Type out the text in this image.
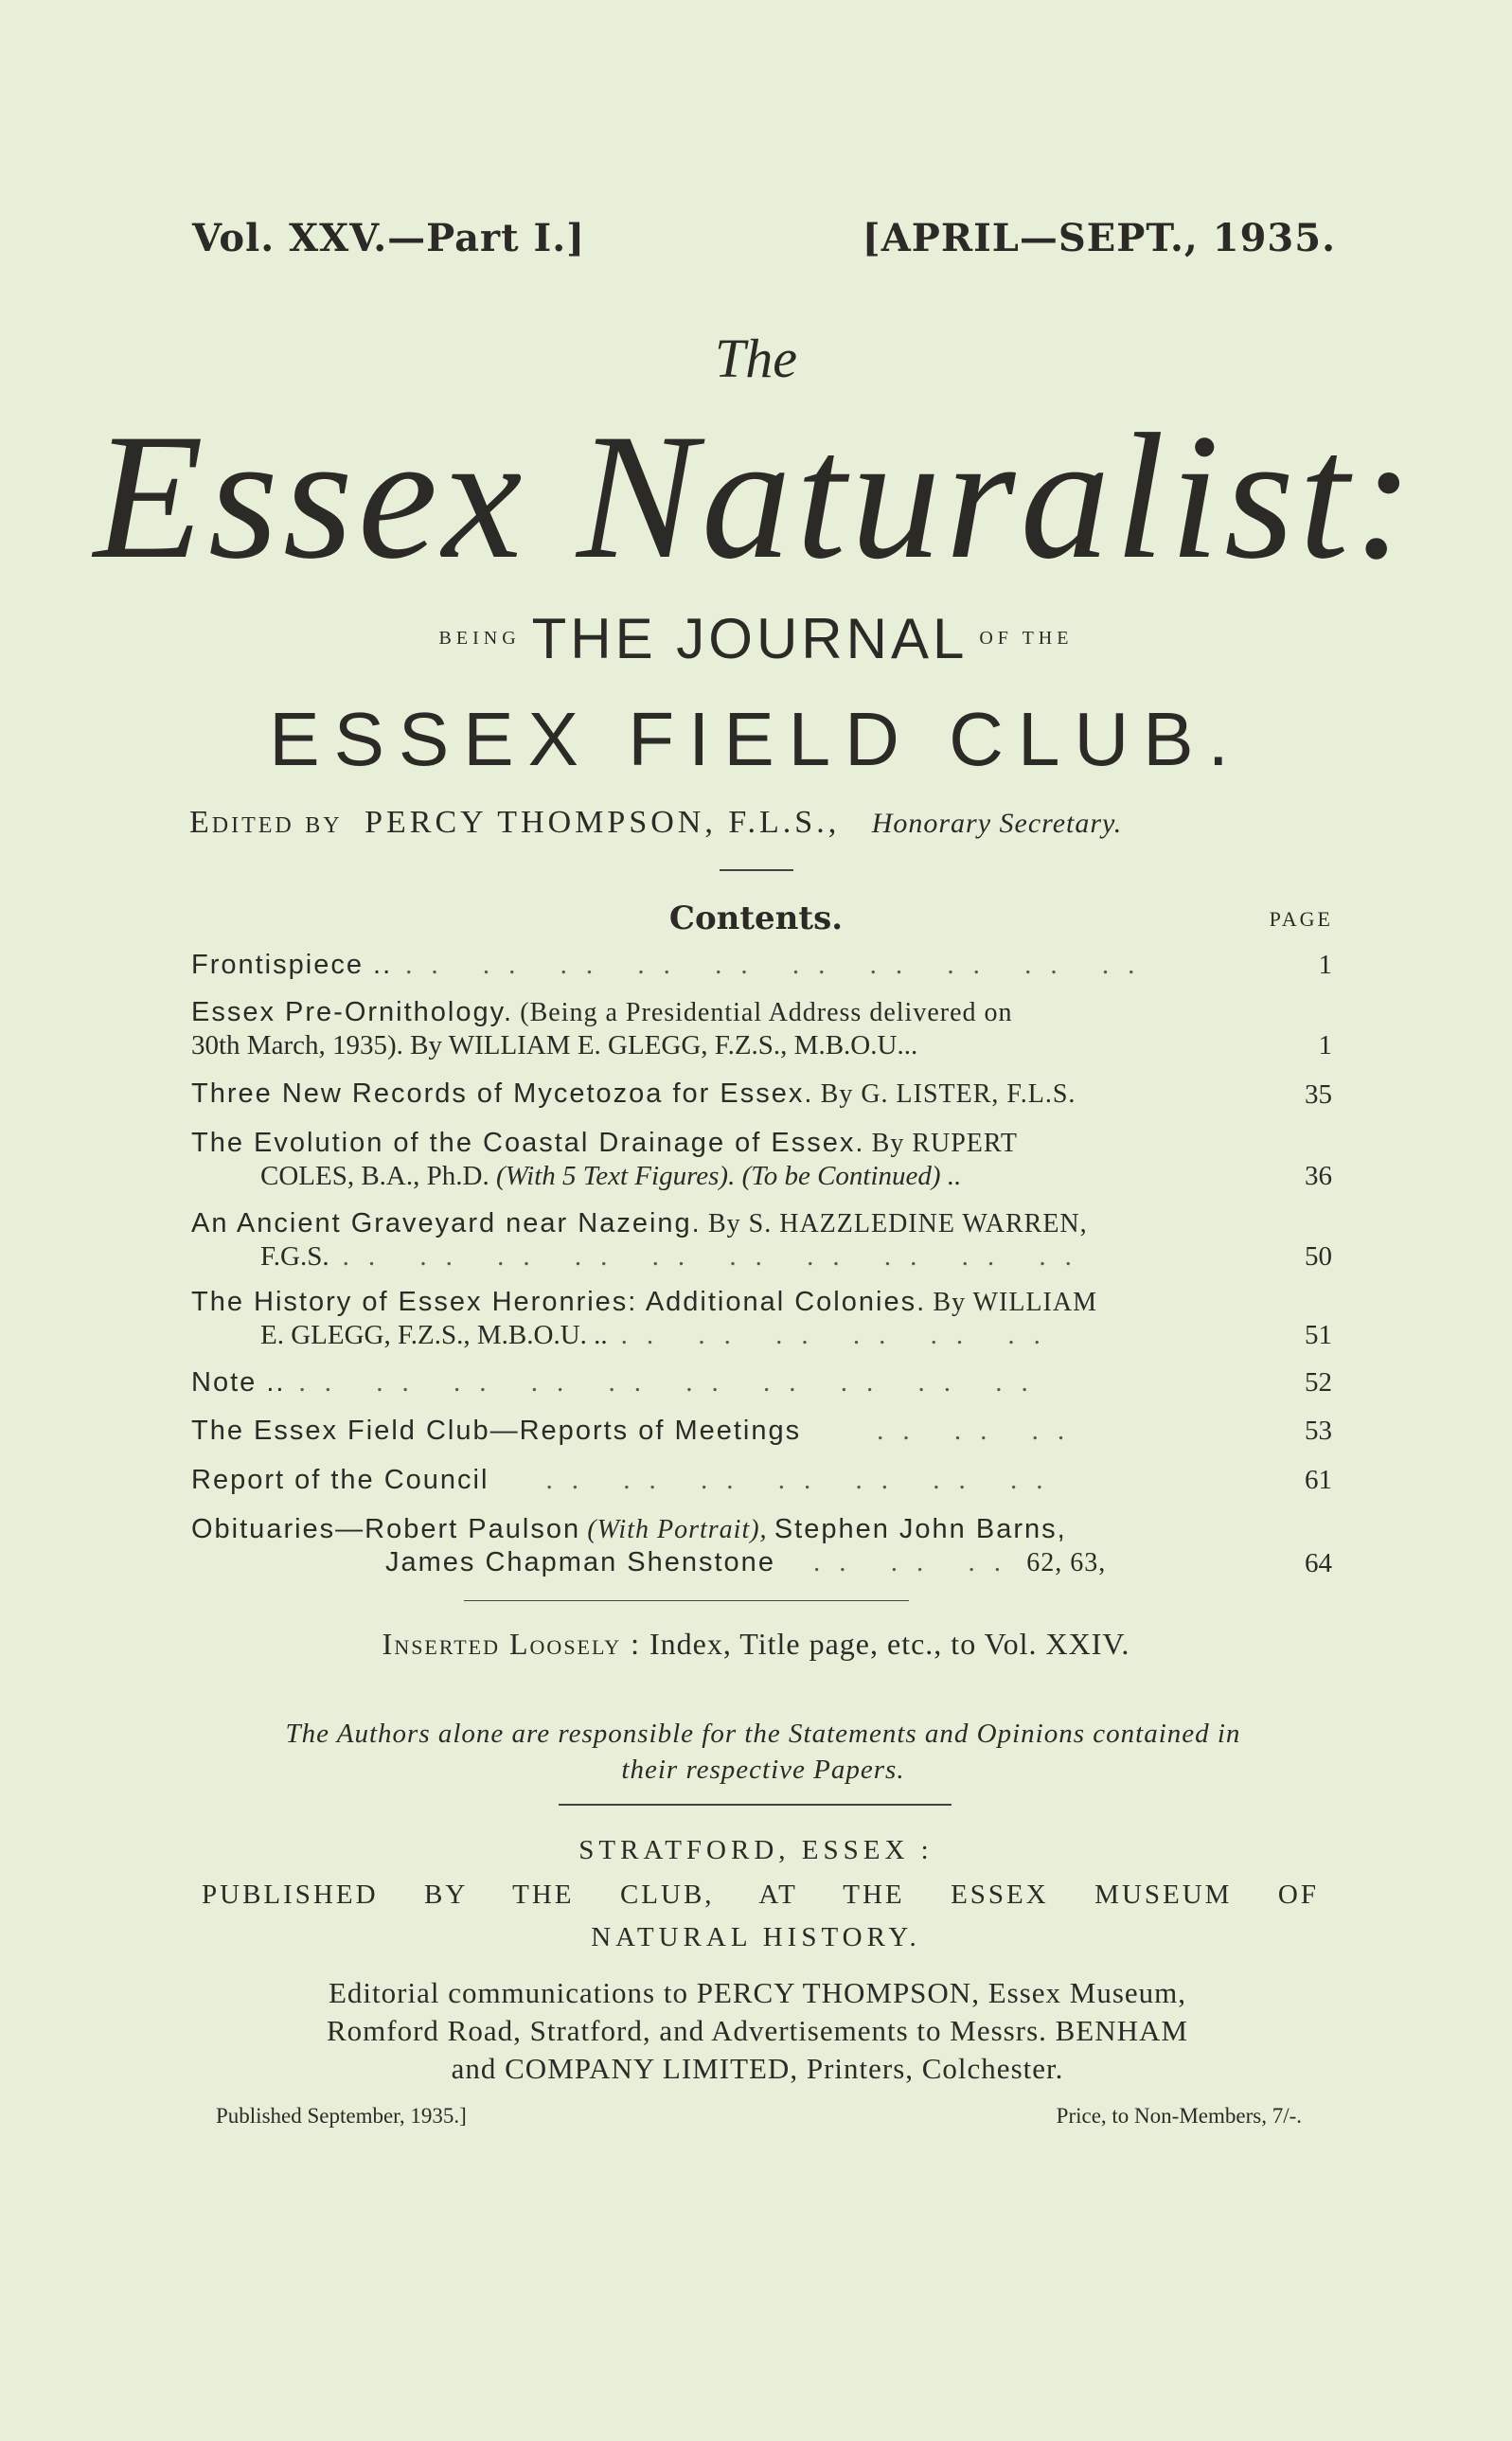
Vol. XXV.—Part I.]	[APRIL—SEPT., 1935.
The
Essex Naturalist:
BEING THE JOURNAL OF THE
ESSEX FIELD CLUB.
Edited by PERCY THOMPSON, F.L.S., Honorary Secretary.
Contents.	PAGE
Frontispiece .. .. .. .. .. .. .. .. .. .. ..	1
Essex Pre-Ornithology. (Being a Presidential Address delivered on
30th March, 1935). By WILLIAM E. GLEGG, F.Z.S., M.B.O.U...	1
Three New Records of Mycetozoa for Essex. By G. LISTER, F.L.S.	35
The Evolution of the Coastal Drainage of Essex. By RUPERT
COLES, B.A., Ph.D. (With 5 Text Figures). (To be Continued) ..	36
An Ancient Graveyard near Nazeing. By S. HAZZLEDINE WARREN,
F.G.S. .. .. .. .. .. .. .. .. .. ..	50
The History of Essex Heronries: Additional Colonies. By WILLIAM
E. GLEGG, F.Z.S., M.B.O.U. .. .. .. .. .. .. ..	51
Note .. .. .. .. .. .. .. .. .. .. ..	52
The Essex Field Club—Reports of Meetings	.. .. ..	53
Report of the Council .. .. .. .. .. .. ..	61
Obituaries—Robert Paulson (With Portrait), Stephen John Barns,
James Chapman Shenstone .. .. .. 62, 63,	64
Inserted Loosely : Index, Title page, etc., to Vol. XXIV.
The Authors alone are responsible for the Statements and Opinions contained in
their respective Papers.
STRATFORD, ESSEX :
PUBLISHED BY THE CLUB, AT THE ESSEX MUSEUM OF
NATURAL HISTORY.
Editorial communications to PERCY THOMPSON, Essex Museum,
Romford Road, Stratford, and Advertisements to Messrs. BENHAM
and COMPANY LIMITED, Printers, Colchester.
Published September, 1935.]	Price, to Non-Members, 7/-.
